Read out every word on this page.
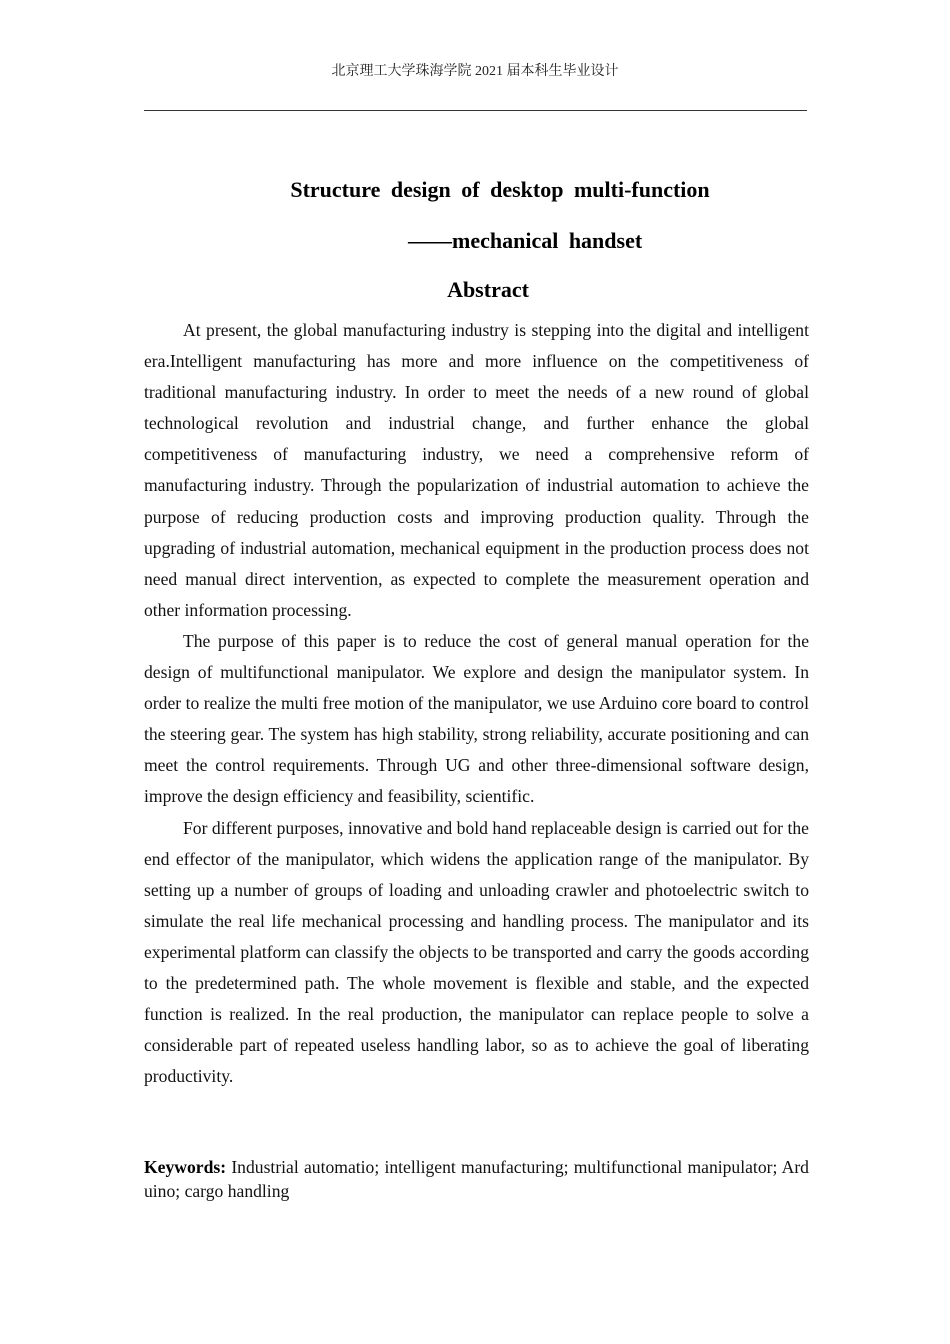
北京理工大学珠海学院 2021 届本科生毕业设计
Structure design of desktop multi-function
——mechanical handset
Abstract

At present, the global manufacturing industry is stepping into the digital and intelligent era.Intelligent manufacturing has more and more influence on the competitiveness of traditional manufacturing industry. In order to meet the needs of a new round of global technological revolution and industrial change, and further enhance the global competitiveness of manufacturing industry, we need a comprehensive reform of manufacturing industry. Through the popularization of industrial automation to achieve the purpose of reducing production costs and improving production quality. Through the upgrading of industrial automation, mechanical equipment in the production process does not need manual direct intervention, as expected to complete the measurement operation and other information processing.

The purpose of this paper is to reduce the cost of general manual operation for the design of multifunctional manipulator. We explore and design the manipulator system. In order to realize the multi free motion of the manipulator, we use Arduino core board to control the steering gear. The system has high stability, strong reliability, accurate positioning and can meet the control requirements. Through UG and other three-dimensional software design, improve the design efficiency and feasibility, scientific.

For different purposes, innovative and bold hand replaceable design is carried out for the end effector of the manipulator, which widens the application range of the manipulator. By setting up a number of groups of loading and unloading crawler and photoelectric switch to simulate the real life mechanical processing and handling process. The manipulator and its experimental platform can classify the objects to be transported and carry the goods according to the predetermined path. The whole movement is flexible and stable, and the expected function is realized. In the real production, the manipulator can replace people to solve a considerable part of repeated useless handling labor, so as to achieve the goal of liberating productivity.

Keywords: Industrial automatio; intelligent manufacturing; multifunctional manipulator; Arduino; cargo handling
